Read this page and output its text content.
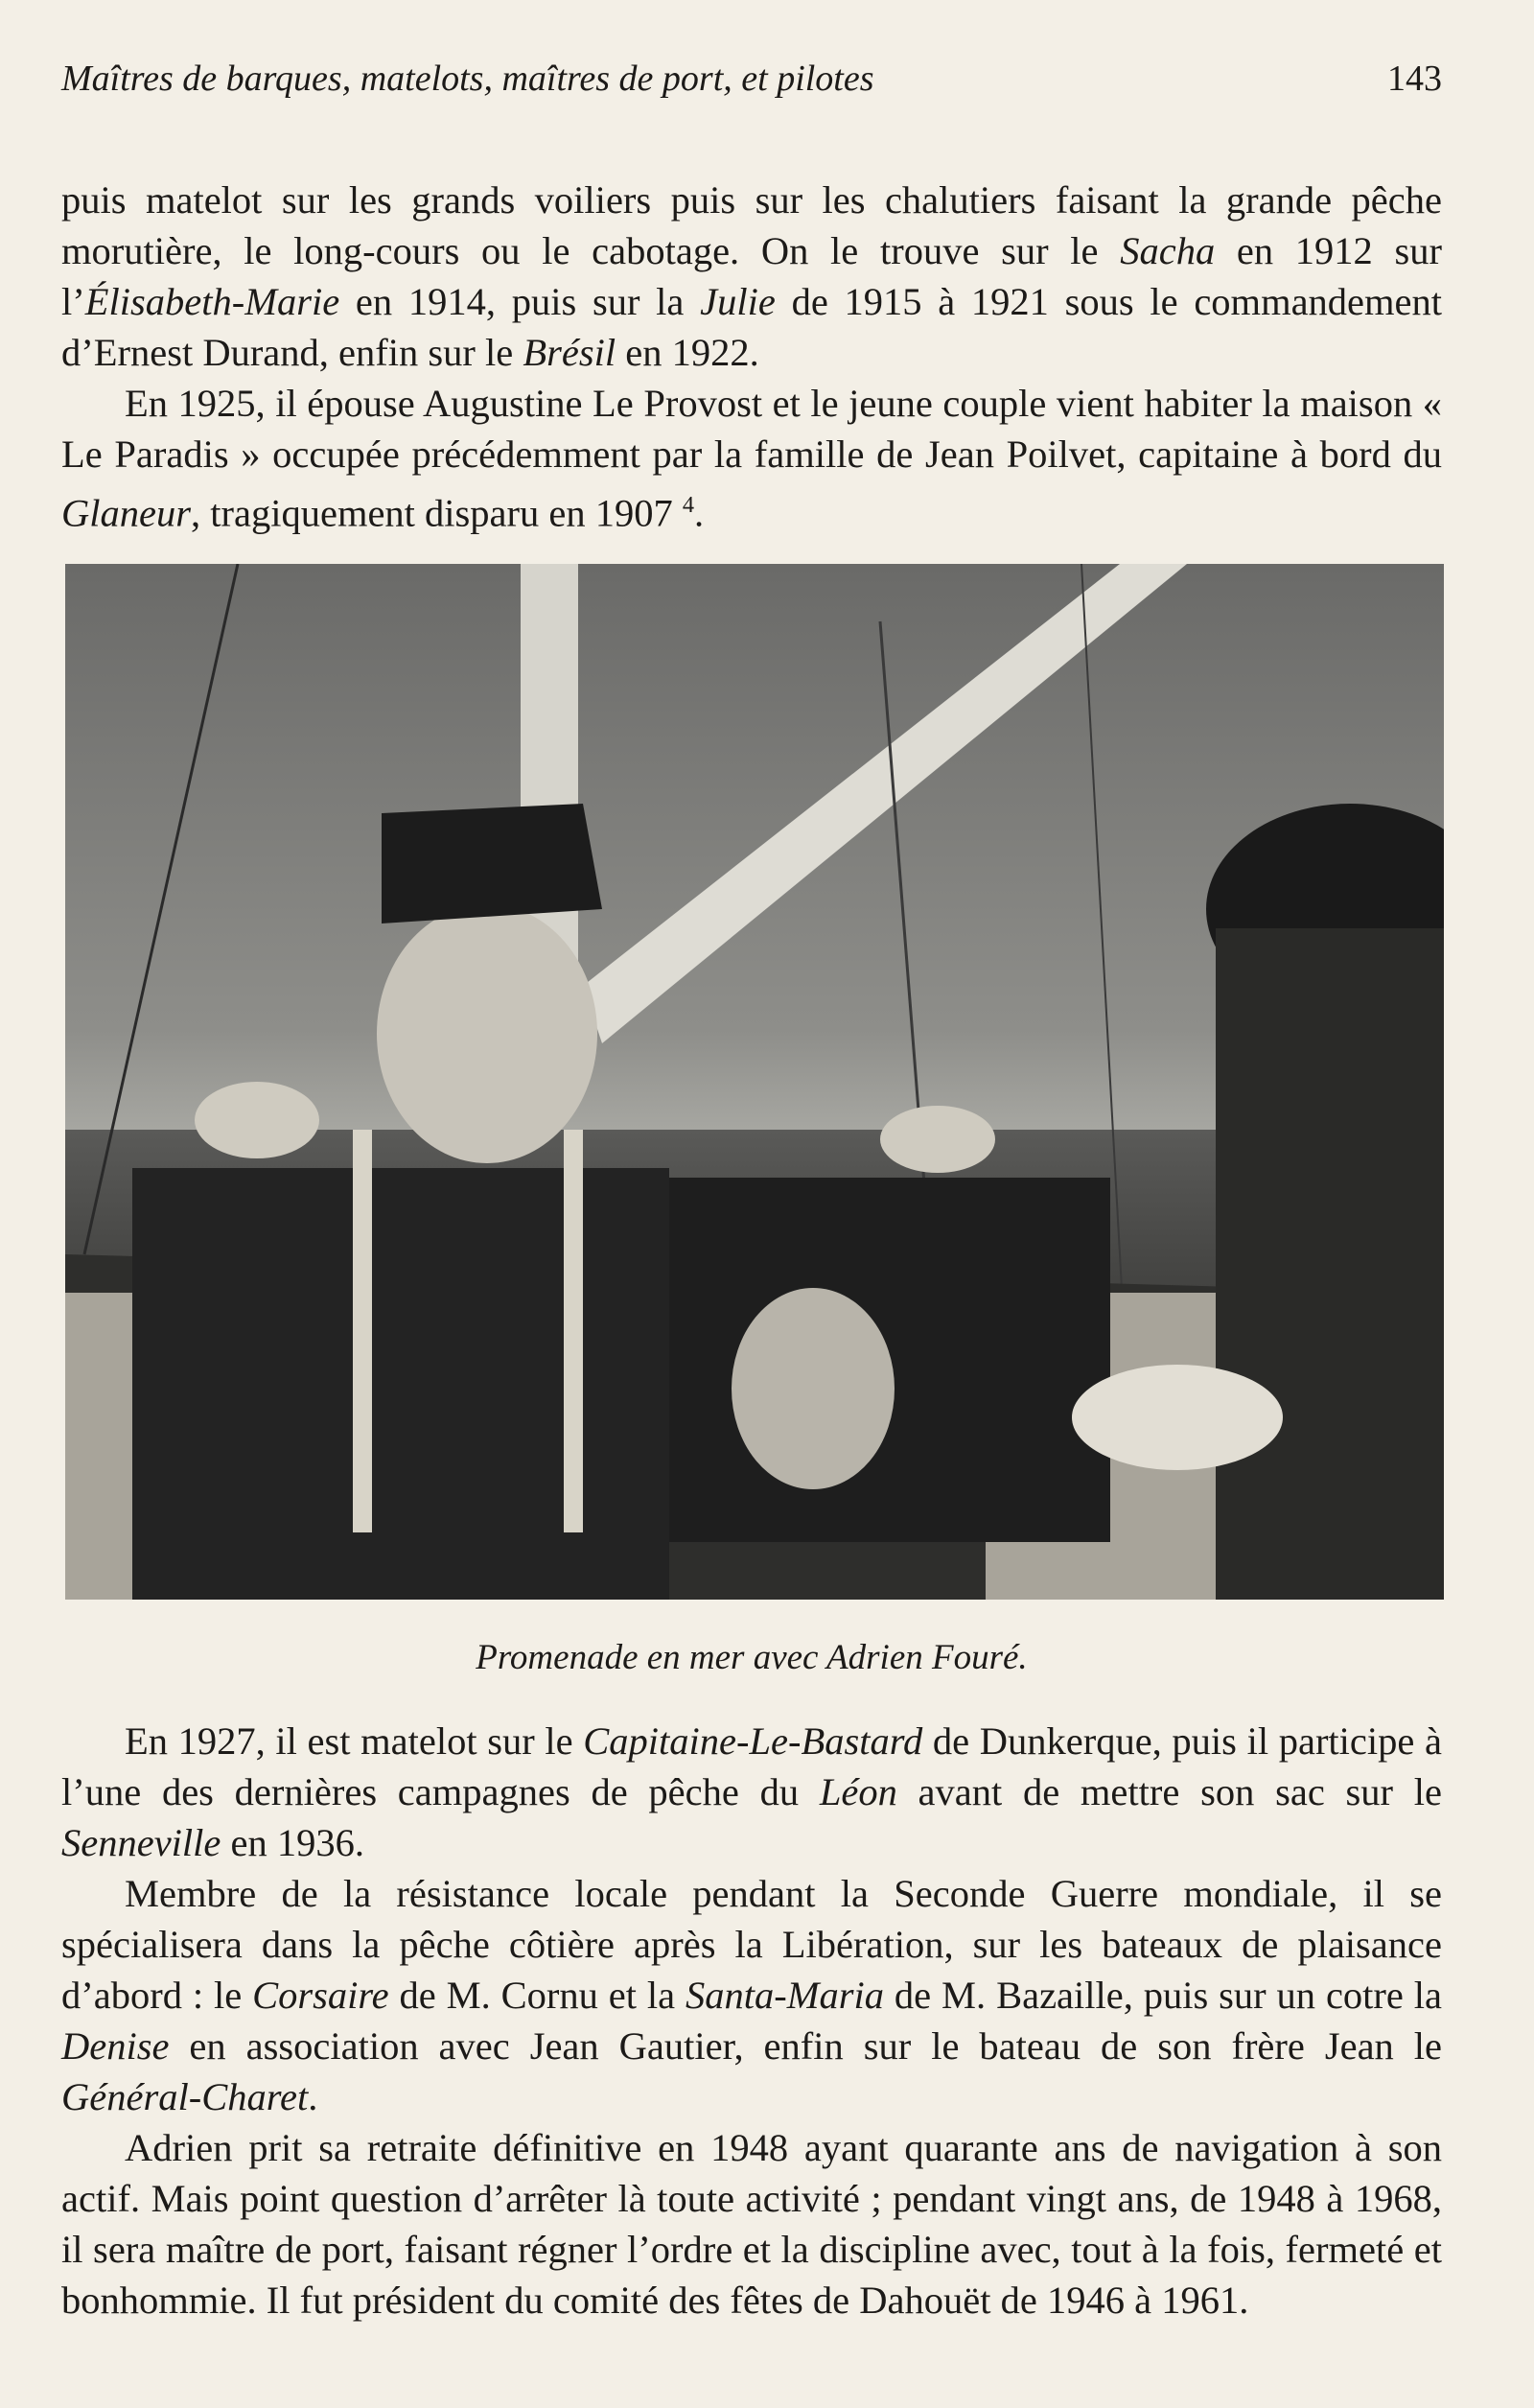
Maîtres de barques, matelots, maîtres de port, et pilotes	143

puis matelot sur les grands voiliers puis sur les chalutiers faisant la grande pêche morutière, le long-cours ou le cabotage. On le trouve sur le Sacha en 1912 sur l’Élisabeth-Marie en 1914, puis sur la Julie de 1915 à 1921 sous le commandement d’Ernest Durand, enfin sur le Brésil en 1922.

En 1925, il épouse Augustine Le Provost et le jeune couple vient habiter la maison « Le Paradis » occupée précédemment par la famille de Jean Poilvet, capitaine à bord du Glaneur, tragiquement disparu en 1907 $^4$.

Promenade en mer avec Adrien Fouré.

En 1927, il est matelot sur le Capitaine-Le-Bastard de Dunkerque, puis il participe à l’une des dernières campagnes de pêche du Léon avant de mettre son sac sur le Senneville en 1936.

Membre de la résistance locale pendant la Seconde Guerre mondiale, il se spécialisera dans la pêche côtière après la Libération, sur les bateaux de plaisance d’abord : le Corsaire de M. Cornu et la Santa-Maria de M. Bazaille, puis sur un cotre la Denise en association avec Jean Gautier, enfin sur le bateau de son frère Jean le Général-Charet.

Adrien prit sa retraite définitive en 1948 ayant quarante ans de navigation à son actif. Mais point question d’arrêter là toute activité ; pendant vingt ans, de 1948 à 1968, il sera maître de port, faisant régner l’ordre et la discipline avec, tout à la fois, fermeté et bonhommie. Il fut président du comité des fêtes de Dahouët de 1946 à 1961.
